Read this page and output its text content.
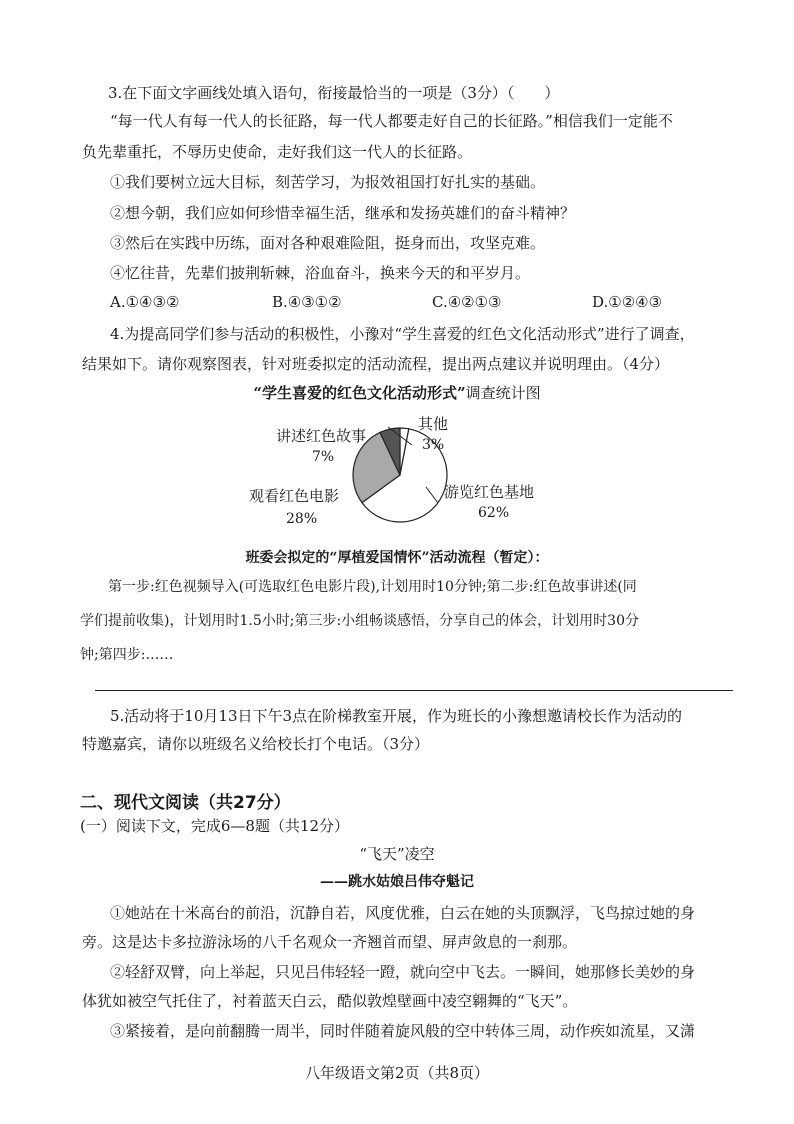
3.在下面文字画线处填入语句，衔接最恰当的一项是（3分）（　　）
“每一代人有每一代人的长征路，每一代人都要走好自己的长征路。”相信我们一定能不
负先辈重托，不辱历史使命，走好我们这一代人的长征路。
①我们要树立远大目标，刻苦学习，为报效祖国打好扎实的基础。
②想今朝，我们应如何珍惜幸福生活，继承和发扬英雄们的奋斗精神？
③然后在实践中历练，面对各种艰难险阻，挺身而出，攻坚克难。
④忆往昔，先辈们披荆斩棘，浴血奋斗，换来今天的和平岁月。
A.①④③②	B.④③①②	C.④②①③	D.①②④③
4.为提高同学们参与活动的积极性，小豫对“学生喜爱的红色文化活动形式”进行了调查，
结果如下。请你观察图表，针对班委拟定的活动流程，提出两点建议并说明理由。（4分）
“学生喜爱的红色文化活动形式”调查统计图
游览红色基地
62%
观看红色电影
28%
讲述红色故事
7%
其他
3%
班委会拟定的“厚植爱国情怀”活动流程（暂定）：
第一步:红色视频导入(可选取红色电影片段),计划用时10分钟;第二步:红色故事讲述(同
学们提前收集)，计划用时1.5小时;第三步:小组畅谈感悟，分享自己的体会，计划用时30分
钟;第四步:……
5.活动将于10月13日下午3点在阶梯教室开展，作为班长的小豫想邀请校长作为活动的
特邀嘉宾，请你以班级名义给校长打个电话。（3分）
二、现代文阅读（共27分）
(一）阅读下文，完成6—8题（共12分）
“飞天”凌空
——跳水姑娘吕伟夺魁记
①她站在十米高台的前沿，沉静自若，风度优雅，白云在她的头顶飘浮，飞鸟掠过她的身
旁。这是达卡多拉游泳场的八千名观众一齐翘首而望、屏声敛息的一刹那。
②轻舒双臂，向上举起，只见吕伟轻轻一蹬，就向空中飞去。一瞬间，她那修长美妙的身
体犹如被空气托住了，衬着蓝天白云，酷似敦煌壁画中凌空翱舞的“飞天”。
③紧接着，是向前翻腾一周半，同时伴随着旋风般的空中转体三周，动作疾如流星，又潇
八年级语文第2页（共8页）
